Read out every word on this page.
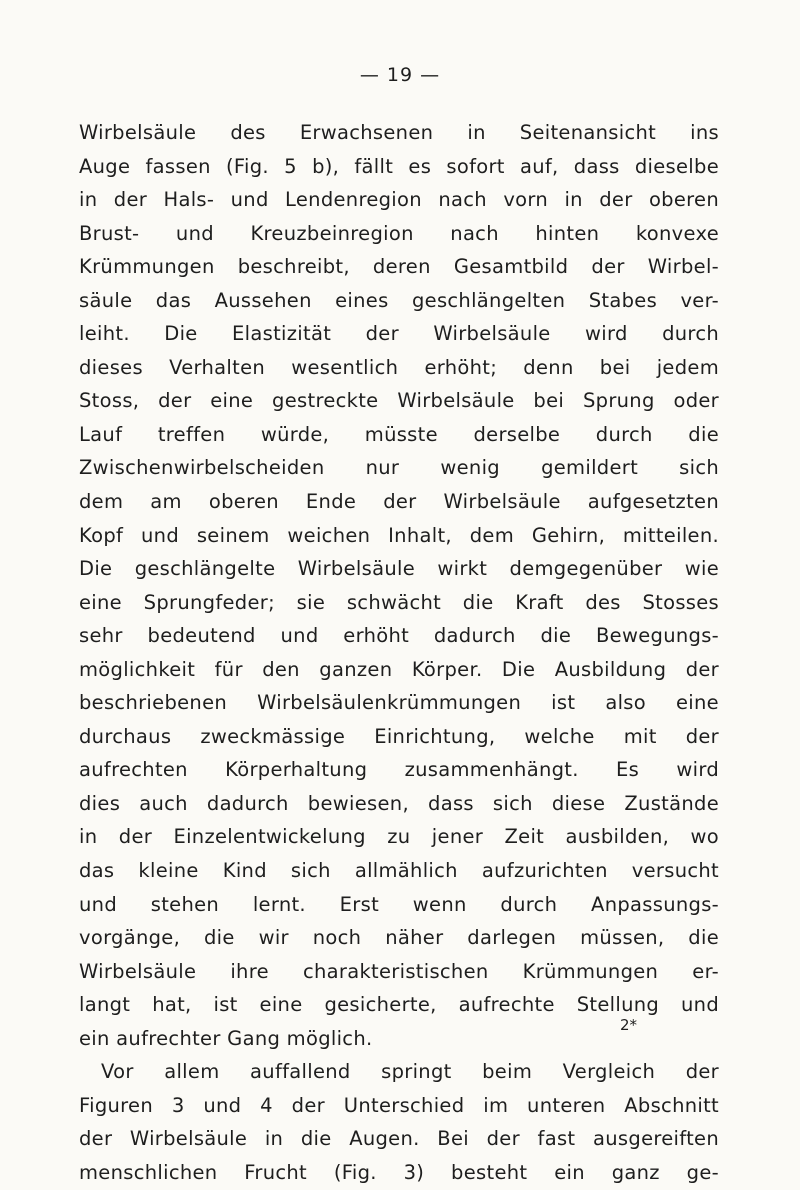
— 19 —
Wirbelsäule des Erwachsenen in Seitenansicht ins
Auge fassen (Fig. 5 b), fällt es sofort auf, dass dieselbe
in der Hals- und Lendenregion nach vorn in der oberen
Brust- und Kreuzbeinregion nach hinten konvexe
Krümmungen beschreibt, deren Gesamtbild der Wirbel-
säule das Aussehen eines geschlängelten Stabes ver-
leiht. Die Elastizität der Wirbelsäule wird durch
dieses Verhalten wesentlich erhöht; denn bei jedem
Stoss, der eine gestreckte Wirbelsäule bei Sprung oder
Lauf treffen würde, müsste derselbe durch die
Zwischenwirbelscheiden nur wenig gemildert sich
dem am oberen Ende der Wirbelsäule aufgesetzten
Kopf und seinem weichen Inhalt, dem Gehirn, mitteilen.
Die geschlängelte Wirbelsäule wirkt demgegenüber wie
eine Sprungfeder; sie schwächt die Kraft des Stosses
sehr bedeutend und erhöht dadurch die Bewegungs-
möglichkeit für den ganzen Körper. Die Ausbildung der
beschriebenen Wirbelsäulenkrümmungen ist also eine
durchaus zweckmässige Einrichtung, welche mit der
aufrechten Körperhaltung zusammenhängt. Es wird
dies auch dadurch bewiesen, dass sich diese Zustände
in der Einzelentwickelung zu jener Zeit ausbilden, wo
das kleine Kind sich allmählich aufzurichten versucht
und stehen lernt. Erst wenn durch Anpassungs-
vorgänge, die wir noch näher darlegen müssen, die
Wirbelsäule ihre charakteristischen Krümmungen er-
langt hat, ist eine gesicherte, aufrechte Stellung und
ein aufrechter Gang möglich.
Vor allem auffallend springt beim Vergleich der
Figuren 3 und 4 der Unterschied im unteren Abschnitt
der Wirbelsäule in die Augen. Bei der fast ausgereiften
menschlichen Frucht (Fig. 3) besteht ein ganz ge-
2*
